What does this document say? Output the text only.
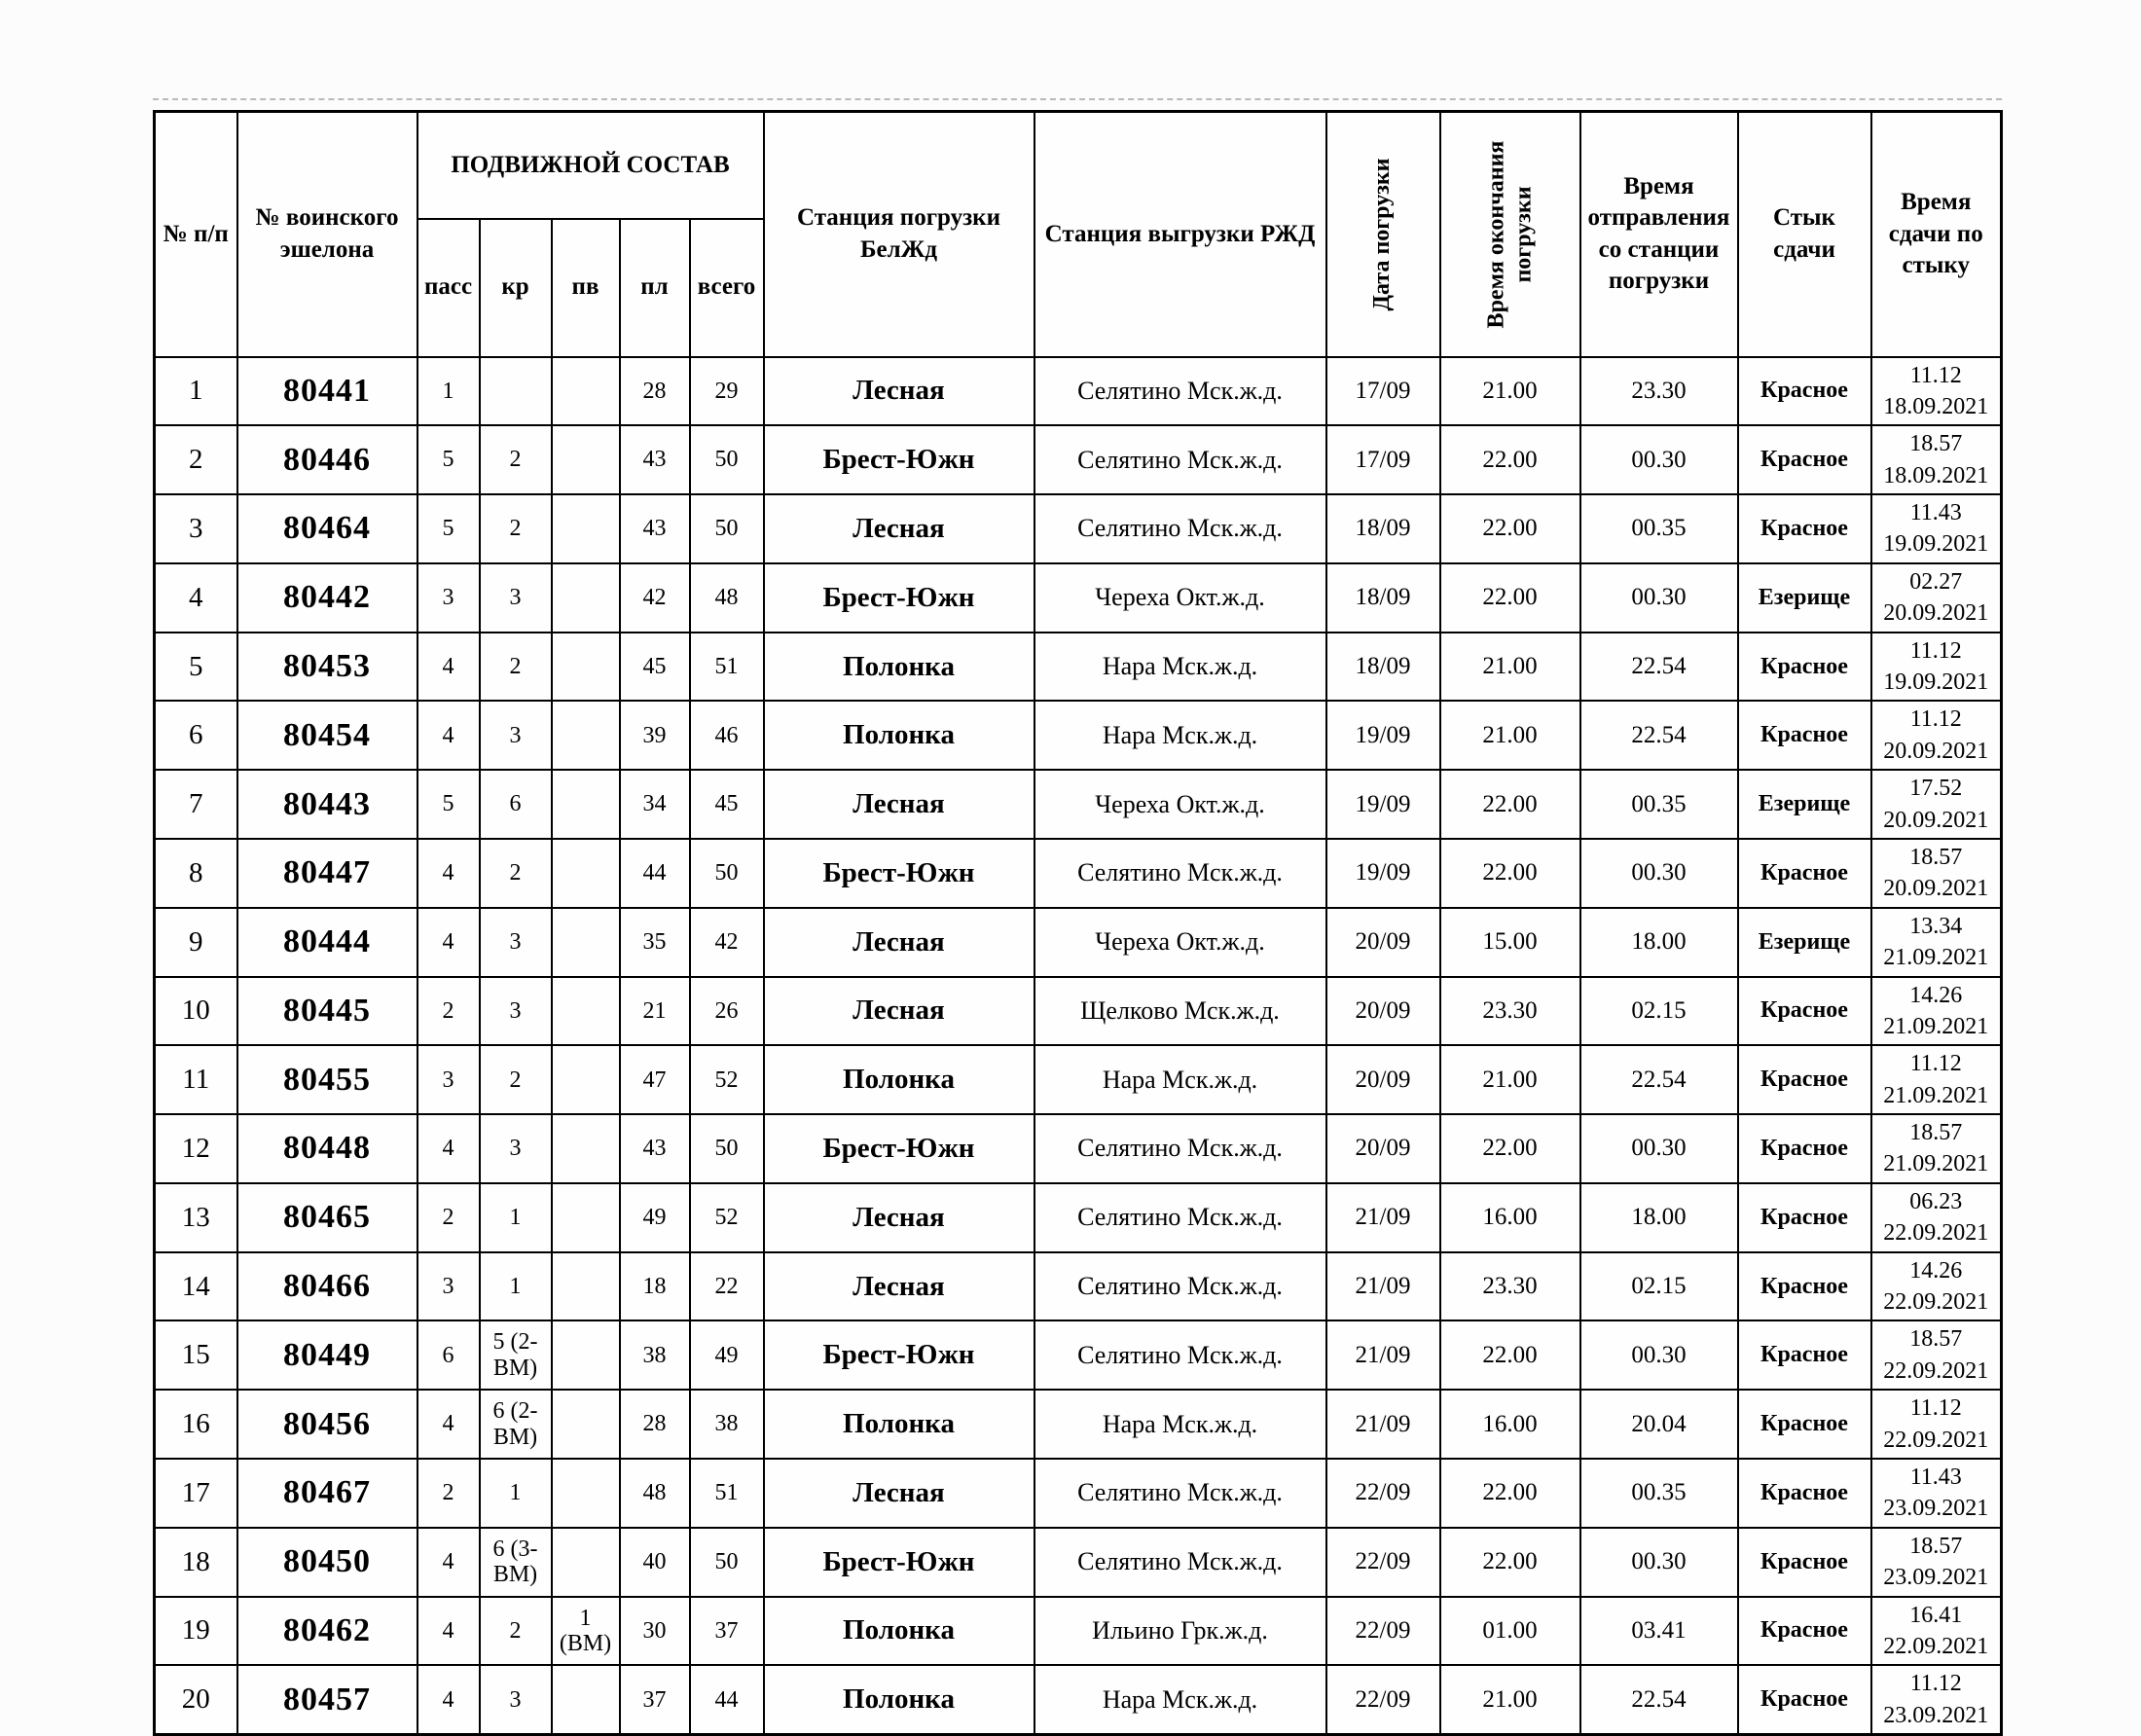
№ п/п	№ воинского эшелона	ПОДВИЖНОЙ СОСТАВ					Станция погрузки БелЖд	Станция выгрузки РЖД	Дата погрузки	Время окончания погрузки	Время отправления со станции погрузки	Стык сдачи	Время сдачи по стыку
		пасс	кр	пв	пл	всего							
1	80441	1			28	29	Лесная	Селятино Мск.ж.д.	17/09	21.00	23.30	Красное	11.12
18.09.2021

2	80446	5	2		43	50	Брест-Южн	Селятино Мск.ж.д.	17/09	22.00	00.30	Красное	18.57
18.09.2021

3	80464	5	2		43	50	Лесная	Селятино Мск.ж.д.	18/09	22.00	00.35	Красное	11.43
19.09.2021

4	80442	3	3		42	48	Брест-Южн	Череха Окт.ж.д.	18/09	22.00	00.30	Езерище	02.27
20.09.2021

5	80453	4	2		45	51	Полонка	Нара Мск.ж.д.	18/09	21.00	22.54	Красное	11.12
19.09.2021

6	80454	4	3		39	46	Полонка	Нара Мск.ж.д.	19/09	21.00	22.54	Красное	11.12
20.09.2021

7	80443	5	6		34	45	Лесная	Череха Окт.ж.д.	19/09	22.00	00.35	Езерище	17.52
20.09.2021

8	80447	4	2		44	50	Брест-Южн	Селятино Мск.ж.д.	19/09	22.00	00.30	Красное	18.57
20.09.2021

9	80444	4	3		35	42	Лесная	Череха Окт.ж.д.	20/09	15.00	18.00	Езерище	13.34
21.09.2021

10	80445	2	3		21	26	Лесная	Щелково Мск.ж.д.	20/09	23.30	02.15	Красное	14.26
21.09.2021

11	80455	3	2		47	52	Полонка	Нара Мск.ж.д.	20/09	21.00	22.54	Красное	11.12
21.09.2021

12	80448	4	3		43	50	Брест-Южн	Селятино Мск.ж.д.	20/09	22.00	00.30	Красное	18.57
21.09.2021

13	80465	2	1		49	52	Лесная	Селятино Мск.ж.д.	21/09	16.00	18.00	Красное	06.23
22.09.2021

14	80466	3	1		18	22	Лесная	Селятино Мск.ж.д.	21/09	23.30	02.15	Красное	14.26
22.09.2021

15	80449	6	5 (2-ВМ)		38	49	Брест-Южн	Селятино Мск.ж.д.	21/09	22.00	00.30	Красное	18.57
22.09.2021

16	80456	4	6 (2-ВМ)		28	38	Полонка	Нара Мск.ж.д.	21/09	16.00	20.04	Красное	11.12
22.09.2021

17	80467	2	1		48	51	Лесная	Селятино Мск.ж.д.	22/09	22.00	00.35	Красное	11.43
23.09.2021

18	80450	4	6 (3-ВМ)		40	50	Брест-Южн	Селятино Мск.ж.д.	22/09	22.00	00.30	Красное	18.57
23.09.2021

19	80462	4	2	1 (ВМ)	30	37	Полонка	Ильино Грк.ж.д.	22/09	01.00	03.41	Красное	16.41
22.09.2021

20	80457	4	3		37	44	Полонка	Нара Мск.ж.д.	22/09	21.00	22.54	Красное	11.12
23.09.2021
